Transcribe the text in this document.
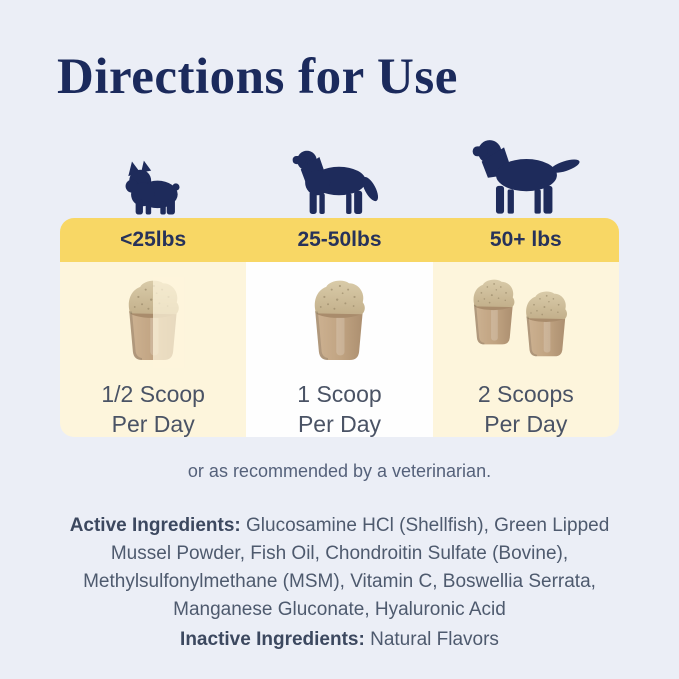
Directions for Use
<25lbs	25-50lbs	50+ lbs
1/2 Scoop
Per Day
1 Scoop
Per Day
2 Scoops
Per Day

or as recommended by a veterinarian.

Active Ingredients: Glucosamine HCl (Shellfish), Green Lipped Mussel Powder, Fish Oil, Chondroitin Sulfate (Bovine), Methylsulfonylmethane (MSM), Vitamin C, Boswellia Serrata, Manganese Gluconate, Hyaluronic Acid

Inactive Ingredients: Natural Flavors
